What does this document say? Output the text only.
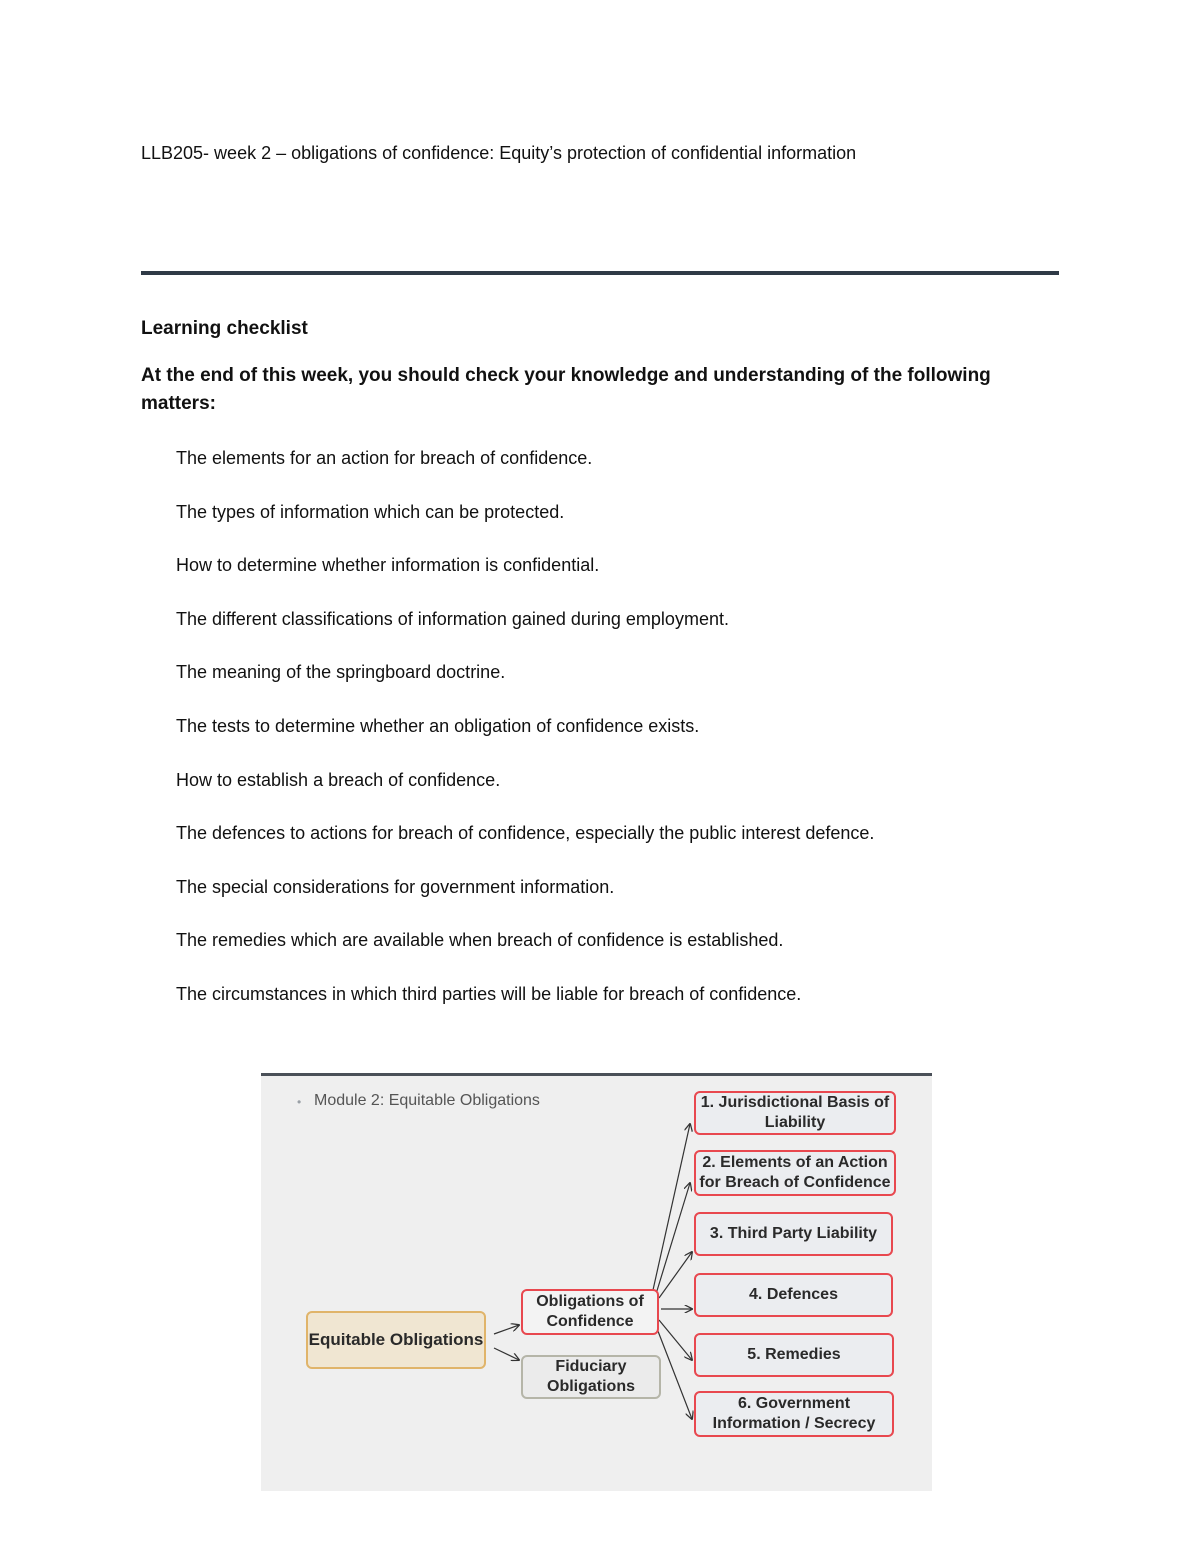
LLB205- week 2 – obligations of confidence: Equity’s protection of confidential information
Learning checklist
At the end of this week, you should check your knowledge and understanding of the following matters:
The elements for an action for breach of confidence.
The types of information which can be protected.
How to determine whether information is confidential.
The different classifications of information gained during employment.
The meaning of the springboard doctrine.
The tests to determine whether an obligation of confidence exists.
How to establish a breach of confidence.
The defences to actions for breach of confidence, especially the public interest defence.
The special considerations for government information.
The remedies which are available when breach of confidence is established.
The circumstances in which third parties will be liable for breach of confidence.
• Module 2: Equitable Obligations
Equitable Obligations
Obligations of Confidence
Fiduciary Obligations
1. Jurisdictional Basis of Liability
2. Elements of an Action for Breach of Confidence
3. Third Party Liability
4. Defences
5. Remedies
6. Government Information / Secrecy
